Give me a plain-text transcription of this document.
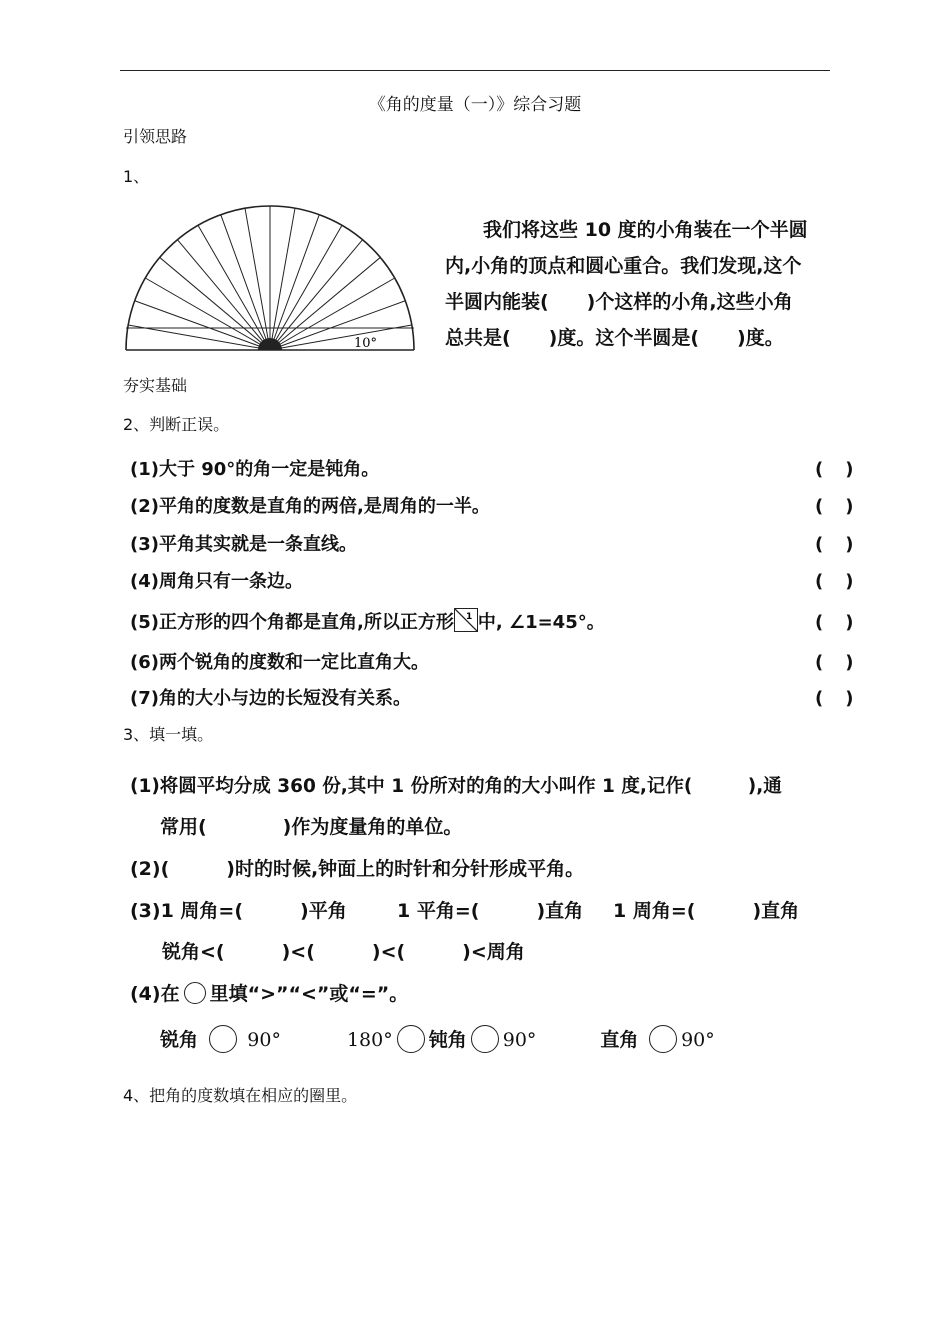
《角的度量（一）》综合习题
引领思路
1、
10°

我们将这些 10 度的小角装在一个半圆

内,小角的顶点和圆心重合。我们发现,这个

半圆内能装(　　)个这样的小角,这些小角

总共是(　　)度。这个半圆是(　　)度。

夯实基础
2、判断正误。
(1)大于 90°的角一定是钝角。	(　)
(2)平角的度数是直角的两倍,是周角的一半。	(　)
(3)平角其实就是一条直线。	(　)
(4)周角只有一条边。	(　)
(5)正方形的四个角都是直角,所以正方形 1 中, ∠1=45°。	(　)
(6)两个锐角的度数和一定比直角大。	(　)
(7)角的大小与边的长短没有关系。	(　)
3、填一填。
(1)将圆平均分成 360 份,其中 1 份所对的角的大小叫作 1 度,记作(　　　),通
常用(　　　　)作为度量角的单位。
(2)(　　　)时的时候,钟面上的时针和分针形成平角。
(3)1 周角=(　　　)平角	1 平角=(　　　)直角 1 周角=(　　　)直角
锐角<(　　　)<(　　　)<(　　　)<周角
(4)在 里填“>”“<”或“=”。
锐角	90°	180° 钝角 90°	直角 90°
4、把角的度数填在相应的圈里。
